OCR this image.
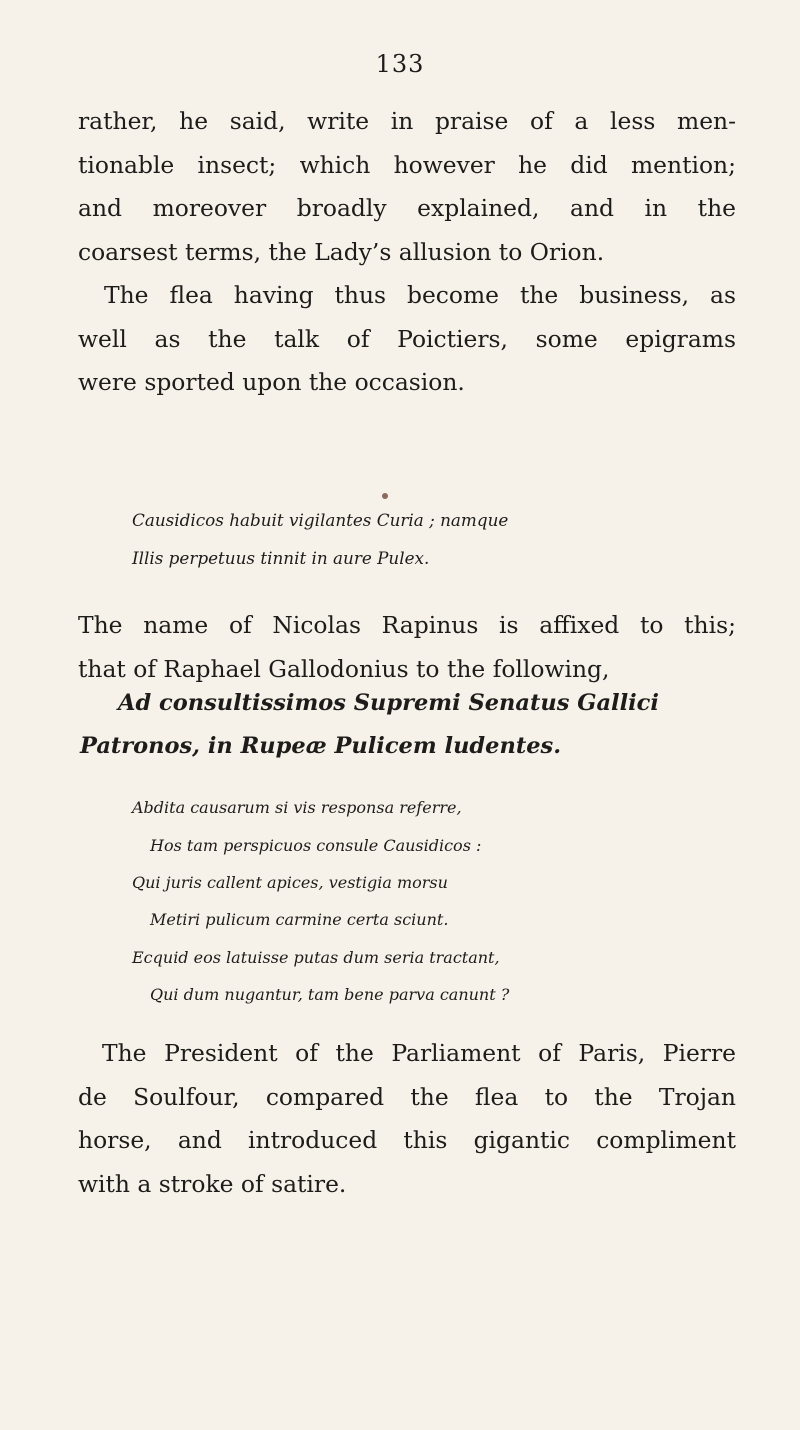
133
rather, he said, write in praise of a less men-
tionable insect; which however he did mention;
and moreover broadly explained, and in the
coarsest terms, the Lady’s allusion to Orion.
The flea having thus become the business, as
well as the talk of Poictiers, some epigrams
were sported upon the occasion.
Causidicos habuit vigilantes Curia ; namque
Illis perpetuus tinnit in aure Pulex.
The name of Nicolas Rapinus is affixed to this;
that of Raphael Gallodonius to the following,
Ad consultissimos Supremi Senatus Gallici
Patronos, in Rupeæ Pulicem ludentes.
Abdita causarum si vis responsa referre,
Hos tam perspicuos consule Causidicos :
Qui juris callent apices, vestigia morsu
Metiri pulicum carmine certa sciunt.
Ecquid eos latuisse putas dum seria tractant,
Qui dum nugantur, tam bene parva canunt ?
The President of the Parliament of Paris, Pierre
de Soulfour, compared the flea to the Trojan
horse, and introduced this gigantic compliment
with a stroke of satire.
